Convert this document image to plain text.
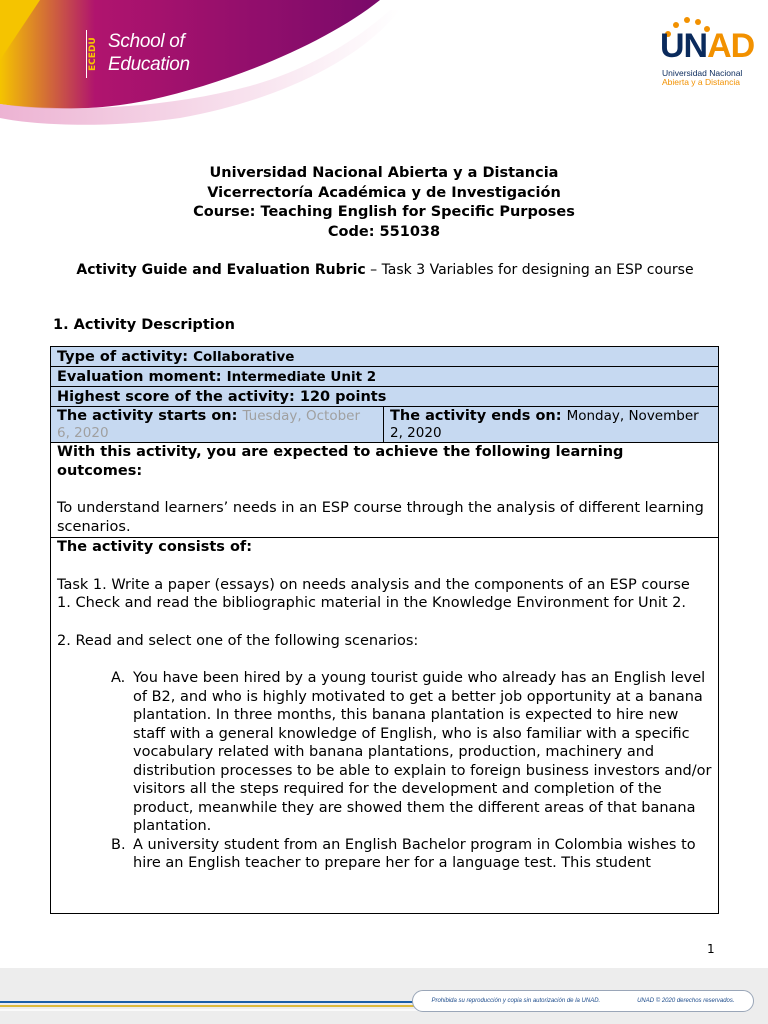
ECEDU School of
Education	UNAD
Universidad Nacional
Abierta y a Distancia
Universidad Nacional Abierta y a Distancia
Vicerrectoría Académica y de Investigación
Course: Teaching English for Specific Purposes
Code: 551038
Activity Guide and Evaluation Rubric – Task 3 Variables for designing an ESP course
1. Activity Description
Type of activity: Collaborative
Evaluation moment: Intermediate Unit 2
Highest score of the activity: 120 points
The activity starts on: Tuesday, October 6, 2020
The activity ends on: Monday, November 2, 2020

With this activity, you are expected to achieve the following learning outcomes:

To understand learners’ needs in an ESP course through the analysis of different learning scenarios.

The activity consists of:

Task 1. Write a paper (essays) on needs analysis and the components of an ESP course

1. Check and read the bibliographic material in the Knowledge Environment for Unit 2.

2. Read and select one of the following scenarios:

A. You have been hired by a young tourist guide who already has an English level of B2, and who is highly motivated to get a better job opportunity at a banana plantation. In three months, this banana plantation is expected to hire new staff with a general knowledge of English, who is also familiar with a specific vocabulary related with banana plantations, production, machinery and distribution processes to be able to explain to foreign business investors and/or visitors all the steps required for the development and completion of the product, meanwhile they are showed them the different areas of that banana plantation.
B. A university student from an English Bachelor program in Colombia wishes to hire an English teacher to prepare her for a language test. This student
1
Prohibida su reproducción y copia sin autorización de la UNAD.	UNAD © 2020 derechos reservados.
